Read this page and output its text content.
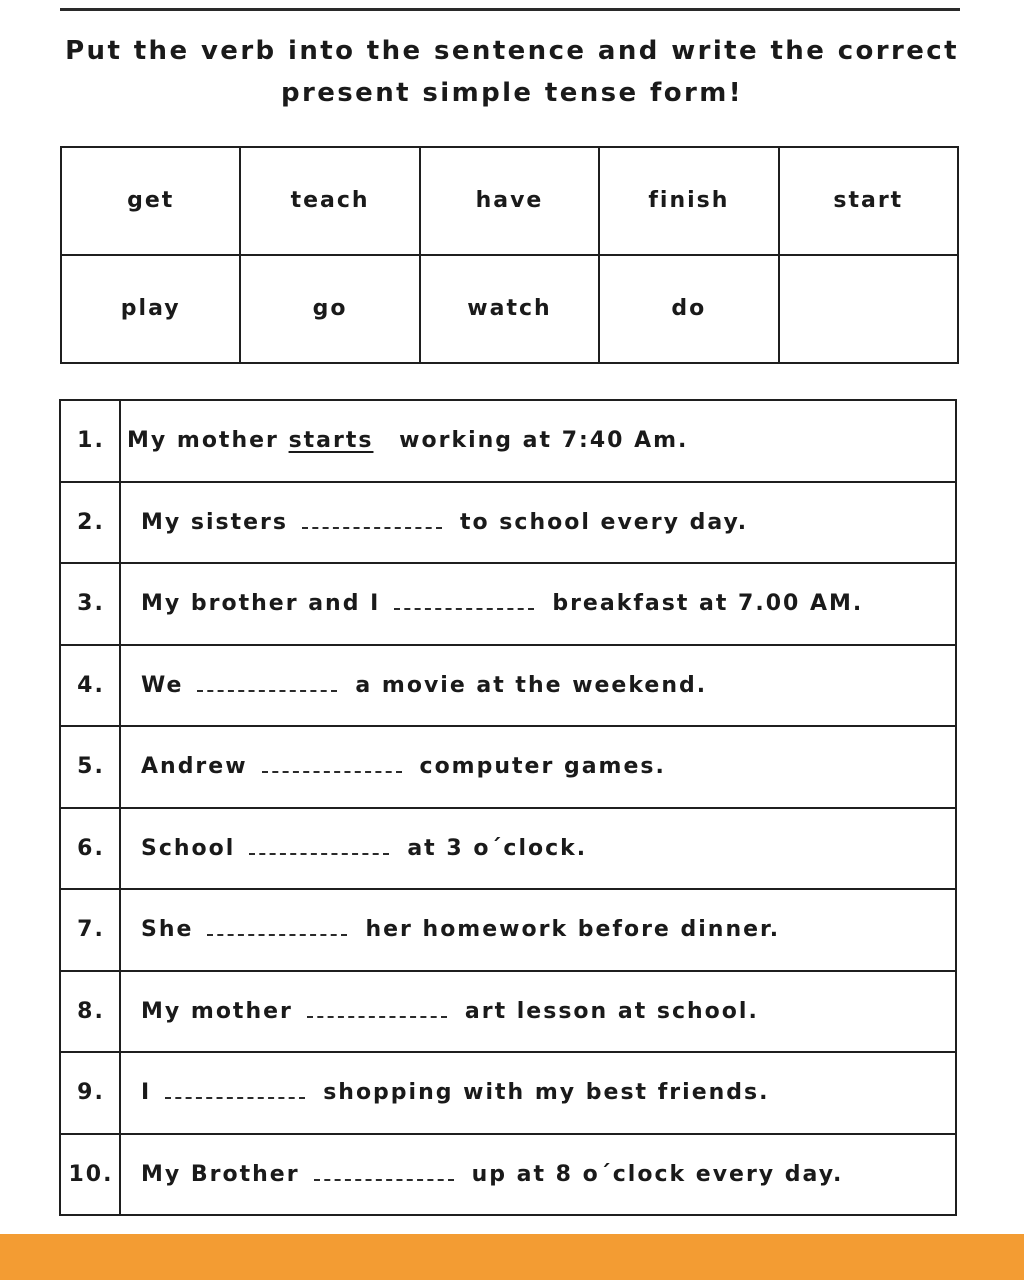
Put the verb into the sentence and write the correct
present simple tense form!
get	teach	have	finish	start
play	go	watch	do	
1.	My mother starts working at 7:40 Am.
2.	My sisters to school every day.
3.	My brother and I breakfast at 7.00 AM.
4.	We a movie at the weekend.
5.	Andrew computer games.
6.	School at 3 o´clock.
7.	She her homework before dinner.
8.	My mother art lesson at school.
9.	I shopping with my best friends.
10.	My Brother up at 8 o´clock every day.
